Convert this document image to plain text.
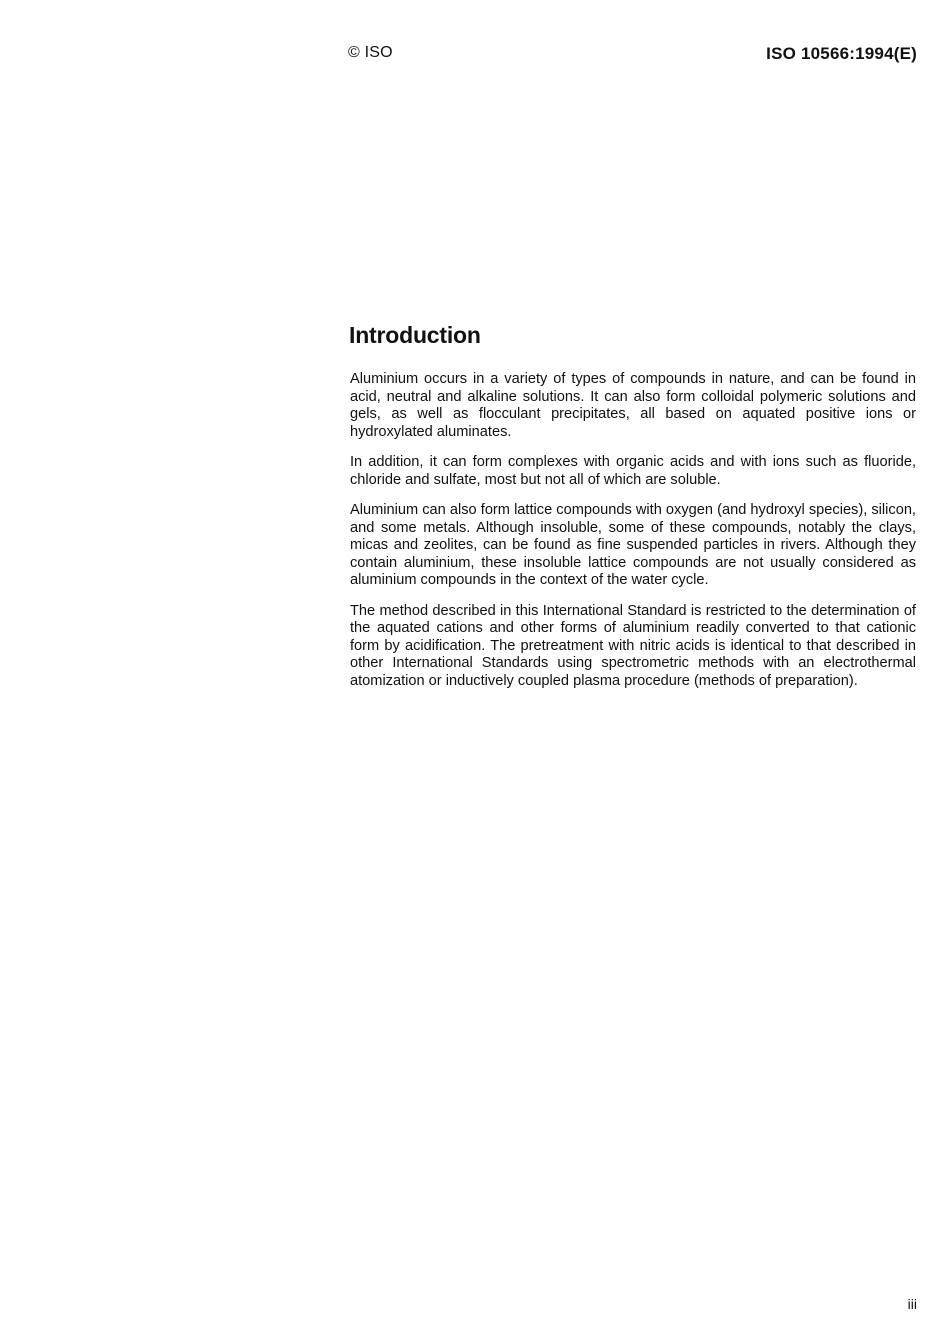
© ISO	ISO 10566:1994(E)
Introduction

Aluminium occurs in a variety of types of compounds in nature, and can be found in acid, neutral and alkaline solutions. It can also form colloidal polymeric solutions and gels, as well as flocculant precipitates, all based on aquated positive ions or hydroxylated aluminates.

In addition, it can form complexes with organic acids and with ions such as fluoride, chloride and sulfate, most but not all of which are soluble.

Aluminium can also form lattice compounds with oxygen (and hydroxyl species), silicon, and some metals. Although insoluble, some of these compounds, notably the clays, micas and zeolites, can be found as fine suspended particles in rivers. Although they contain aluminium, these insoluble lattice compounds are not usually considered as aluminium compounds in the context of the water cycle.

The method described in this International Standard is restricted to the determination of the aquated cations and other forms of aluminium readily converted to that cationic form by acidification. The pretreatment with nitric acids is identical to that described in other International Standards using spectrometric methods with an electrothermal atomization or inductively coupled plasma procedure (methods of preparation).

iii
